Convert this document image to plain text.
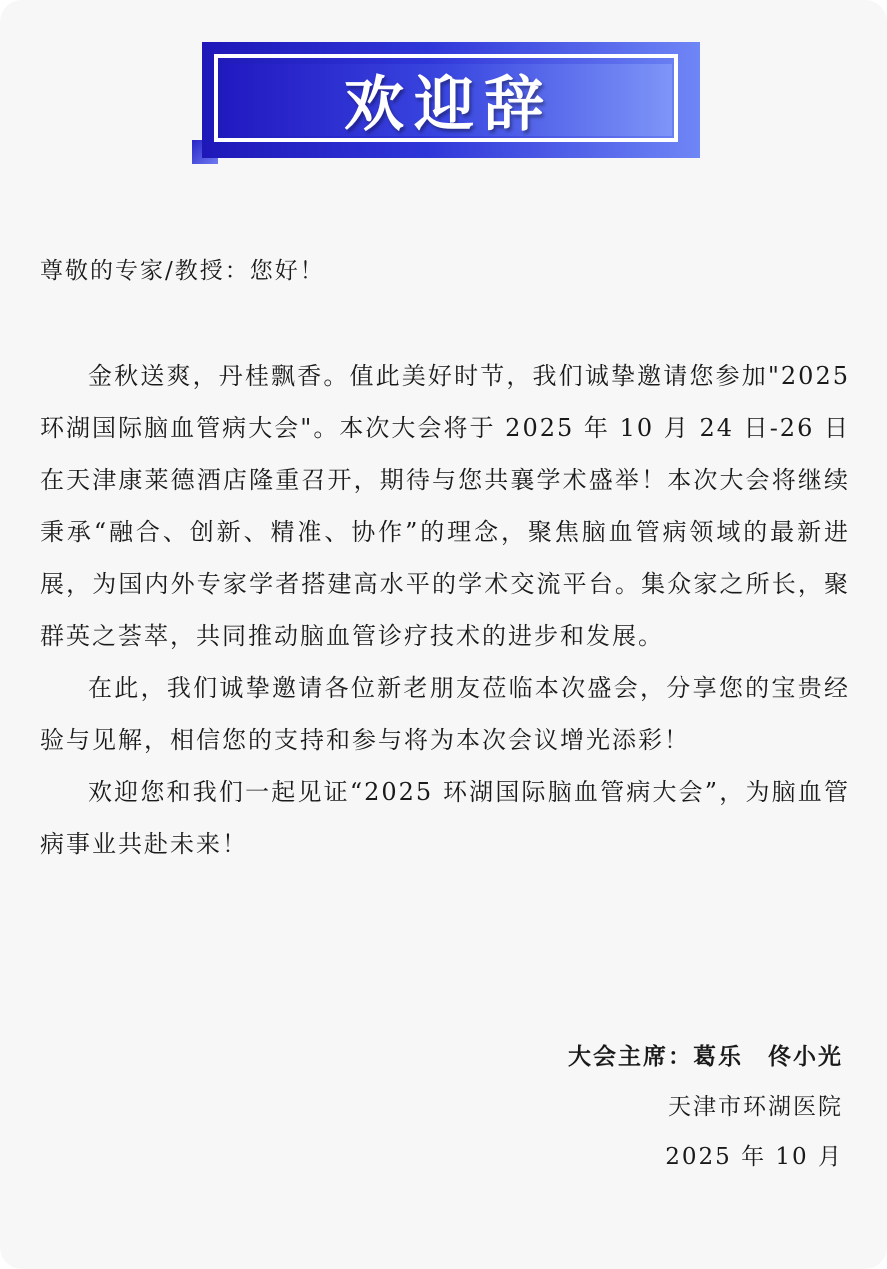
欢迎辞
尊敬的专家/教授：您好！

金秋送爽，丹桂飘香。值此美好时节，我们诚挚邀请您参加"2025 环湖国际脑血管病大会"。本次大会将于 2025 年 10 月 24 日-26 日在天津康莱德酒店隆重召开，期待与您共襄学术盛举！本次大会将继续秉承“融合、创新、精准、协作”的理念，聚焦脑血管病领域的最新进展，为国内外专家学者搭建高水平的学术交流平台。集众家之所长，聚群英之荟萃，共同推动脑血管诊疗技术的进步和发展。

在此，我们诚挚邀请各位新老朋友莅临本次盛会，分享您的宝贵经验与见解，相信您的支持和参与将为本次会议增光添彩！

欢迎您和我们一起见证“2025 环湖国际脑血管病大会”，为脑血管病事业共赴未来！

大会主席：葛乐　佟小光
天津市环湖医院
2025 年 10 月
